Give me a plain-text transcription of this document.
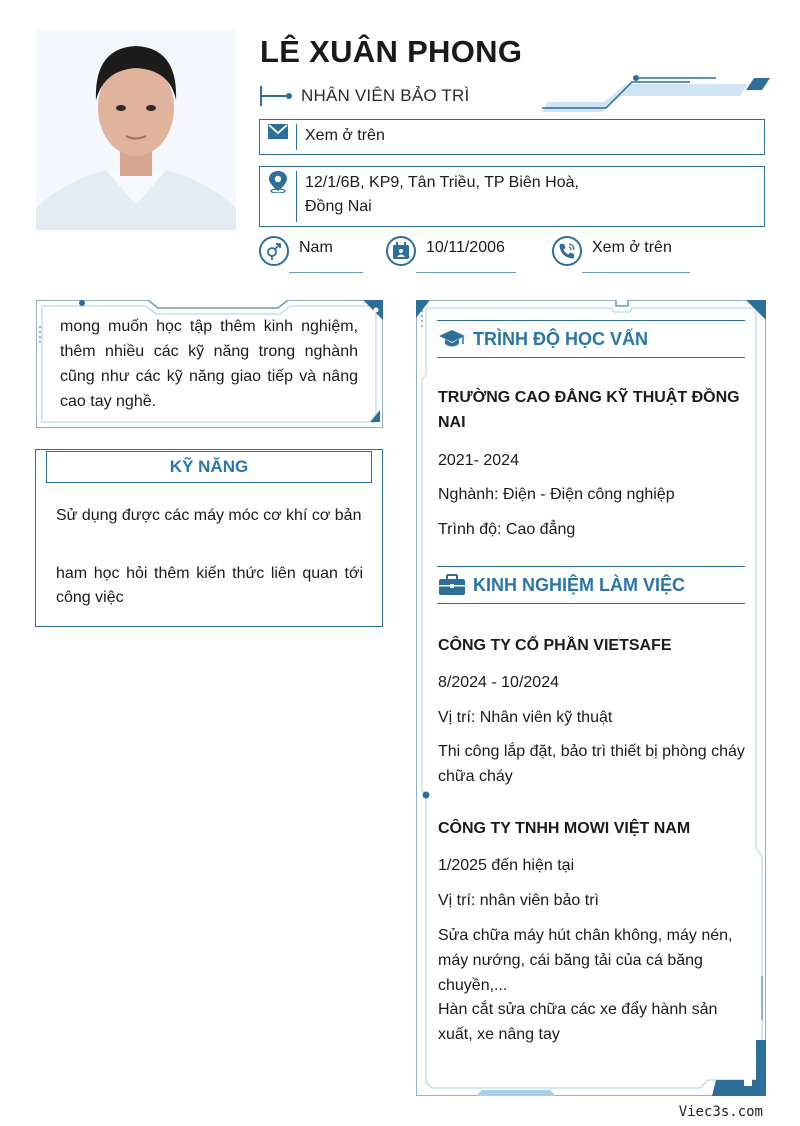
LÊ XUÂN PHONG
NHÂN VIÊN BẢO TRÌ
Xem ở trên
12/1/6B, KP9, Tân Triều, TP Biên Hoà,
Đồng Nai
Nam	10/11/2006	Xem ở trên
mong muốn học tập thêm kinh nghiệm, thêm nhiều các kỹ năng trong nghành cũng như các kỹ năng giao tiếp và nâng cao tay nghề.
KỸ NĂNG
Sử dụng được các máy móc cơ khí cơ bản
ham học hỏi thêm kiến thức liên quan tới công việc
TRÌNH ĐỘ HỌC VẤN
TRƯỜNG CAO ĐẲNG KỸ THUẬT ĐỒNG NAI
2021- 2024
Nghành: Điện - Điện công nghiệp
Trình độ: Cao đẳng
KINH NGHIỆM LÀM VIỆC
CÔNG TY CỔ PHẦN VIETSAFE
8/2024 - 10/2024
Vị trí: Nhân viên kỹ thuật
Thi công lắp đặt, bảo trì thiết bị phòng cháy chữa cháy
CÔNG TY TNHH MOWI VIỆT NAM
1/2025 đến hiện tại
Vị trí: nhân viên bảo trì
Sửa chữa máy hút chân không, máy nén, máy nướng, cái băng tải của cá băng chuyền,...
Hàn cắt sửa chữa các xe đẩy hành sản xuất, xe nâng tay
Viec3s.com
